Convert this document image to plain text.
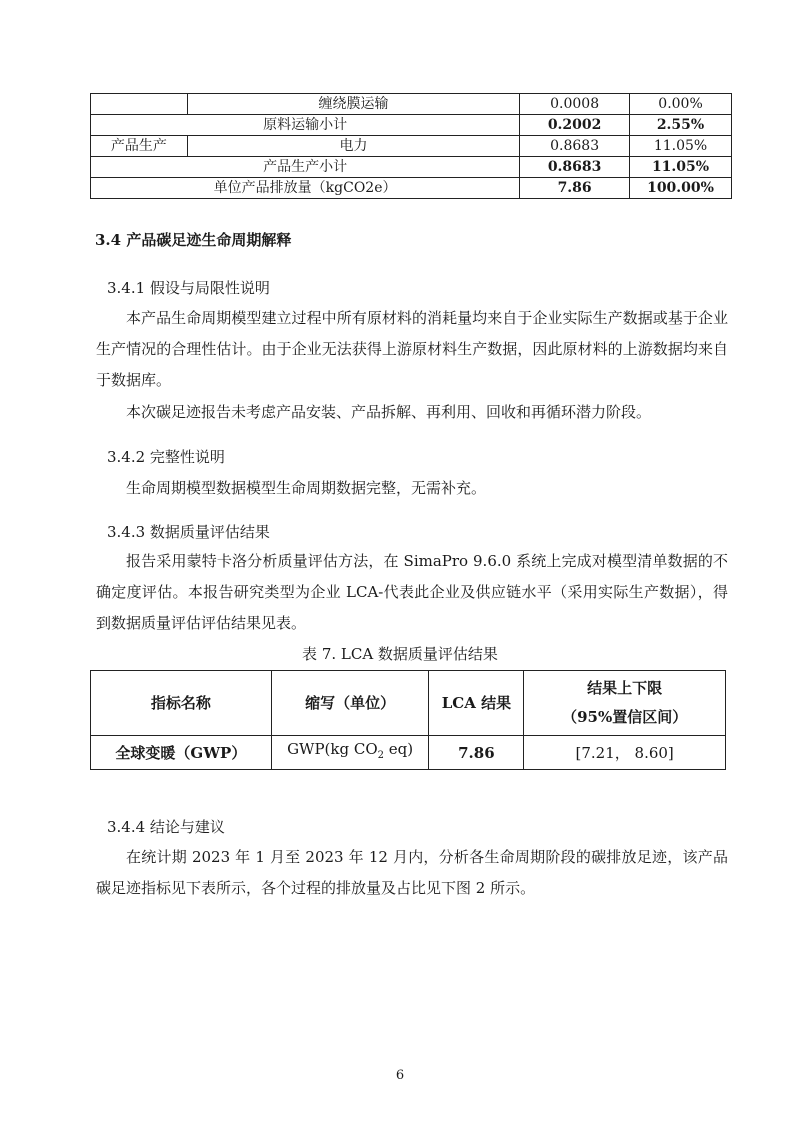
	缠绕膜运输	0.0008	0.00%
原料运输小计		0.2002	2.55%
产品生产	电力	0.8683	11.05%
产品生产小计		0.8683	11.05%
单位产品排放量（kgCO2e）		7.86	100.00%
3.4 产品碳足迹生命周期解释
3.4.1 假设与局限性说明

本产品生命周期模型建立过程中所有原材料的消耗量均来自于企业实际生产数据或基于企业生产情况的合理性估计。由于企业无法获得上游原材料生产数据，因此原材料的上游数据均来自于数据库。

本次碳足迹报告未考虑产品安装、产品拆解、再利用、回收和再循环潜力阶段。

3.4.2 完整性说明

生命周期模型数据模型生命周期数据完整，无需补充。

3.4.3 数据质量评估结果

报告采用蒙特卡洛分析质量评估方法，在 SimaPro 9.6.0 系统上完成对模型清单数据的不确定度评估。本报告研究类型为企业 LCA-代表此企业及供应链水平（采用实际生产数据），得到数据质量评估评估结果见表。

表 7. LCA 数据质量评估结果
指标名称	缩写（单位）	LCA 结果	结果上下限
（95%置信区间）

全球变暖（GWP）	GWP(kg $CO_2$ eq)	7.86	[7.21， 8.60]
3.4.4 结论与建议

在统计期 2023 年 1 月至 2023 年 12 月内，分析各生命周期阶段的碳排放足迹，该产品碳足迹指标见下表所示，各个过程的排放量及占比见下图 2 所示。

6
